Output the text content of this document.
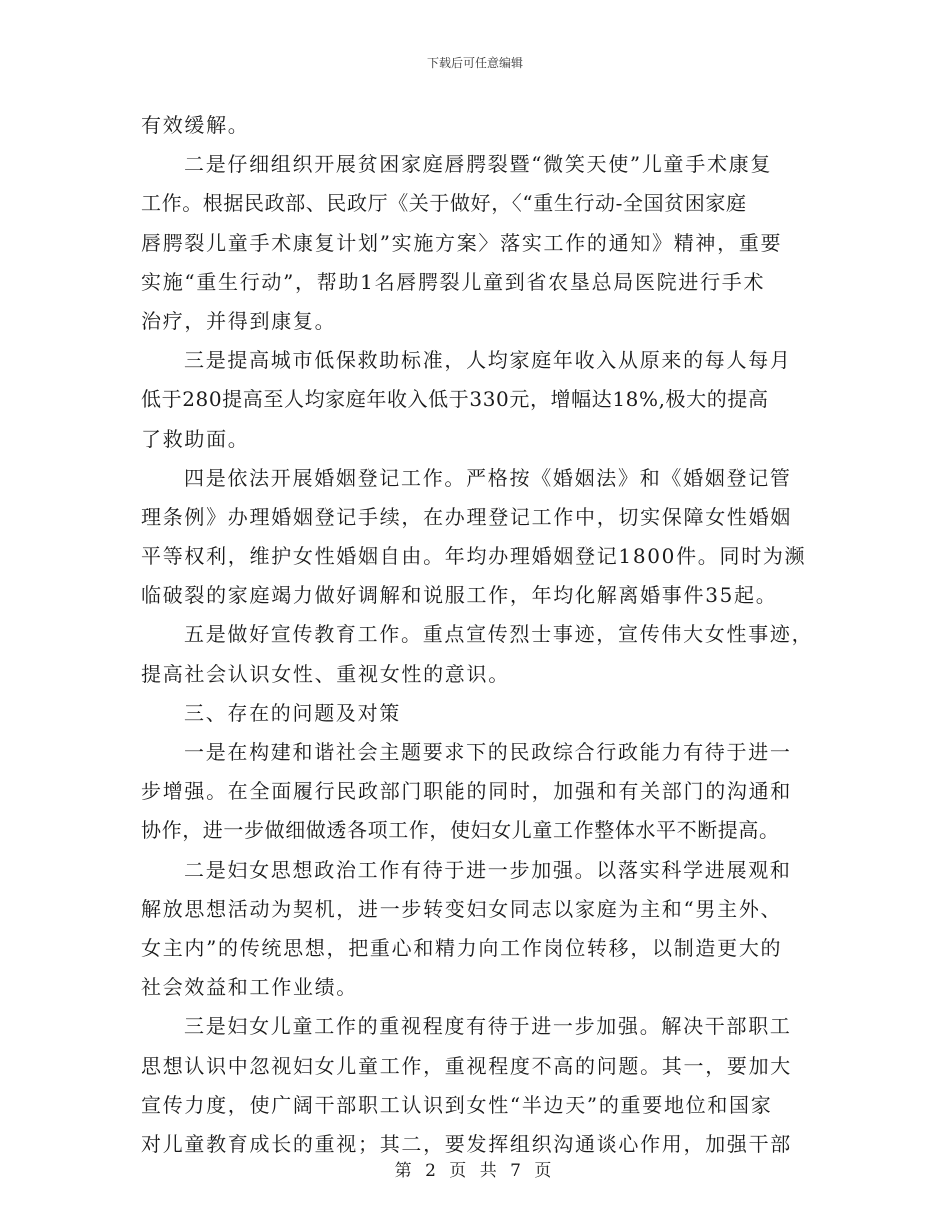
下载后可任意编辑
有效缓解。
二是仔细组织开展贫困家庭唇腭裂暨“微笑天使”儿童手术康复
工作。根据民政部、民政厅《关于做好，〈“重生行动-全国贫困家庭
唇腭裂儿童手术康复计划”实施方案〉落实工作的通知》精神，重要
实施“重生行动”，帮助1名唇腭裂儿童到省农垦总局医院进行手术
治疗，并得到康复。
三是提高城市低保救助标准，人均家庭年收入从原来的每人每月
低于280提高至人均家庭年收入低于330元，增幅达18%,极大的提高
了救助面。
四是依法开展婚姻登记工作。严格按《婚姻法》和《婚姻登记管
理条例》办理婚姻登记手续，在办理登记工作中，切实保障女性婚姻
平等权利，维护女性婚姻自由。年均办理婚姻登记1800件。同时为濒
临破裂的家庭竭力做好调解和说服工作，年均化解离婚事件35起。
五是做好宣传教育工作。重点宣传烈士事迹，宣传伟大女性事迹，
提高社会认识女性、重视女性的意识。
三、存在的问题及对策
一是在构建和谐社会主题要求下的民政综合行政能力有待于进一
步增强。在全面履行民政部门职能的同时，加强和有关部门的沟通和
协作，进一步做细做透各项工作，使妇女儿童工作整体水平不断提高。
二是妇女思想政治工作有待于进一步加强。以落实科学进展观和
解放思想活动为契机，进一步转变妇女同志以家庭为主和“男主外、
女主内”的传统思想，把重心和精力向工作岗位转移，以制造更大的
社会效益和工作业绩。
三是妇女儿童工作的重视程度有待于进一步加强。解决干部职工
思想认识中忽视妇女儿童工作，重视程度不高的问题。其一，要加大
宣传力度，使广阔干部职工认识到女性“半边天”的重要地位和国家
对儿童教育成长的重视；其二，要发挥组织沟通谈心作用，加强干部
第 2 页 共 7 页
